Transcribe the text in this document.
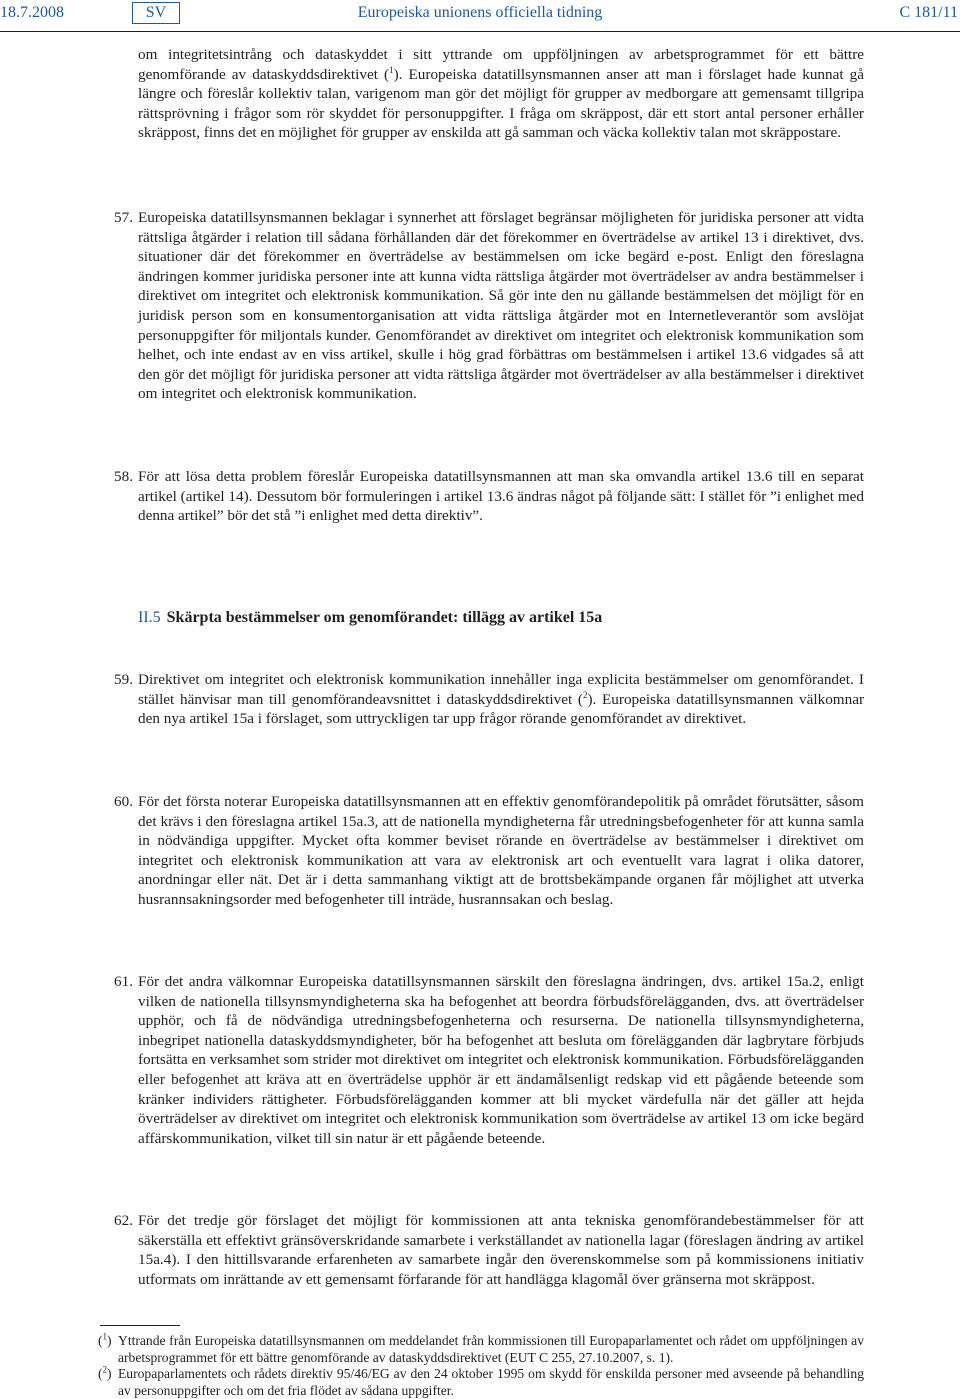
18.7.2008	SV	Europeiska unionens officiella tidning	C 181/11
om integritetsintrång och dataskyddet i sitt yttrande om uppföljningen av arbetsprogrammet för ett bättre genomförande av dataskyddsdirektivet ($^1$). Europeiska datatillsynsmannen anser att man i förslaget hade kunnat gå längre och föreslår kollektiv talan, varigenom man gör det möjligt för grupper av medborgare att gemensamt tillgripa rättsprövning i frågor som rör skyddet för personuppgifter. I fråga om skräppost, där ett stort antal personer erhåller skräppost, finns det en möjlighet för grupper av enskilda att gå samman och väcka kollektiv talan mot skräppostare.
57. Europeiska datatillsynsmannen beklagar i synnerhet att förslaget begränsar möjligheten för juridiska personer att vidta rättsliga åtgärder i relation till sådana förhållanden där det förekommer en överträdelse av artikel 13 i direktivet, dvs. situationer där det förekommer en överträdelse av bestämmelsen om icke begärd e-post. Enligt den föreslagna ändringen kommer juridiska personer inte att kunna vidta rättsliga åtgärder mot överträdelser av andra bestämmelser i direktivet om integritet och elektronisk kommunikation. Så gör inte den nu gällande bestämmelsen det möjligt för en juridisk person som en konsumentorganisation att vidta rättsliga åtgärder mot en Internetleverantör som avslöjat personuppgifter för miljontals kunder. Genomförandet av direktivet om integritet och elektronisk kommunikation som helhet, och inte endast av en viss artikel, skulle i hög grad förbättras om bestämmelsen i artikel 13.6 vidgades så att den gör det möjligt för juridiska personer att vidta rättsliga åtgärder mot överträdelser av alla bestämmelser i direktivet om integritet och elektronisk kommunikation.
58. För att lösa detta problem föreslår Europeiska datatillsynsmannen att man ska omvandla artikel 13.6 till en separat artikel (artikel 14). Dessutom bör formuleringen i artikel 13.6 ändras något på följande sätt: I stället för ”i enlighet med denna artikel” bör det stå ”i enlighet med detta direktiv”.
II.5 Skärpta bestämmelser om genomförandet: tillägg av artikel 15a
59. Direktivet om integritet och elektronisk kommunikation innehåller inga explicita bestämmelser om genomförandet. I stället hänvisar man till genomförandeavsnittet i dataskyddsdirektivet ($^2$). Europeiska datatillsynsmannen välkomnar den nya artikel 15a i förslaget, som uttryckligen tar upp frågor rörande genomförandet av direktivet.
60. För det första noterar Europeiska datatillsynsmannen att en effektiv genomförandepolitik på området förutsätter, såsom det krävs i den föreslagna artikel 15a.3, att de nationella myndigheterna får utredningsbefogenheter för att kunna samla in nödvändiga uppgifter. Mycket ofta kommer beviset rörande en överträdelse av bestämmelser i direktivet om integritet och elektronisk kommunikation att vara av elektronisk art och eventuellt vara lagrat i olika datorer, anordningar eller nät. Det är i detta sammanhang viktigt att de brottsbekämpande organen får möjlighet att utverka husrannsakningsorder med befogenheter till inträde, husrannsakan och beslag.
61. För det andra välkomnar Europeiska datatillsynsmannen särskilt den föreslagna ändringen, dvs. artikel 15a.2, enligt vilken de nationella tillsynsmyndigheterna ska ha befogenhet att beordra förbudsförelägganden, dvs. att överträdelser upphör, och få de nödvändiga utredningsbefogenheterna och resurserna. De nationella tillsynsmyndigheterna, inbegripet nationella dataskyddsmyndigheter, bör ha befogenhet att besluta om förelägganden där lagbrytare förbjuds fortsätta en verksamhet som strider mot direktivet om integritet och elektronisk kommunikation. Förbudsförelägganden eller befogenhet att kräva att en överträdelse upphör är ett ändamålsenligt redskap vid ett pågående beteende som kränker individers rättigheter. Förbudsförelägganden kommer att bli mycket värdefulla när det gäller att hejda överträdelser av direktivet om integritet och elektronisk kommunikation som överträdelse av artikel 13 om icke begärd affärskommunikation, vilket till sin natur är ett pågående beteende.
62. För det tredje gör förslaget det möjligt för kommissionen att anta tekniska genomförandebestämmelser för att säkerställa ett effektivt gränsöverskridande samarbete i verkställandet av nationella lagar (föreslagen ändring av artikel 15a.4). I den hittillsvarande erfarenheten av samarbete ingår den överenskommelse som på kommissionens initiativ utformats om inrättande av ett gemensamt förfarande för att handlägga klagomål över gränserna mot skräppost.
($^1$) Yttrande från Europeiska datatillsynsmannen om meddelandet från kommissionen till Europaparlamentet och rådet om uppföljningen av arbetsprogrammet för ett bättre genomförande av dataskyddsdirektivet (EUT C 255, 27.10.2007, s. 1).
($^2$) Europaparlamentets och rådets direktiv 95/46/EG av den 24 oktober 1995 om skydd för enskilda personer med avseende på behandling av personuppgifter och om det fria flödet av sådana uppgifter.
